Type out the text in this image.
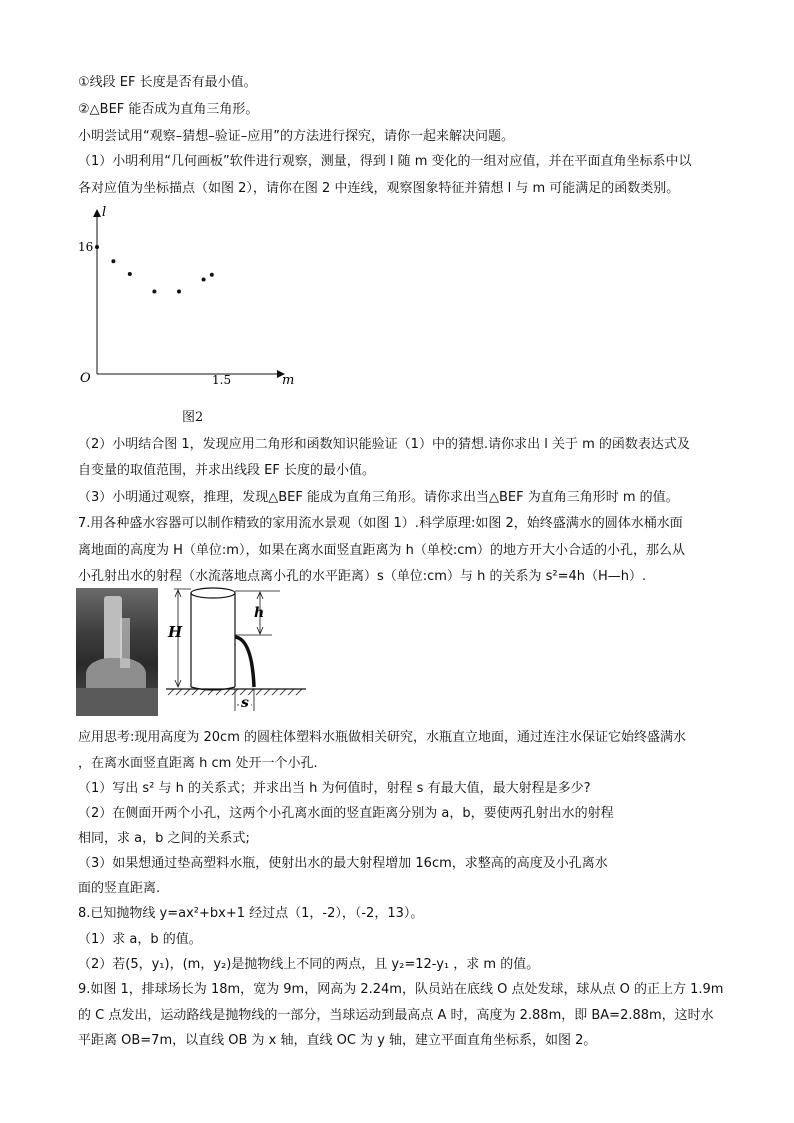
①线段 EF 长度是否有最小值。
②△BEF 能否成为直角三角形。
小明尝试用“观察–猜想–验证–应用”的方法进行探究，请你一起来解决问题。
（1）小明利用“几何画板”软件进行观察，测量，得到 l 随 m 变化的一组对应值，并在平面直角坐标系中以
各对应值为坐标描点（如图 2），请你在图 2 中连线，观察图象特征并猜想 l 与 m 可能满足的函数类别。
l
m
O
16
1.5
图2
（2）小明结合图 1，发现应用二角形和函数知识能验证（1）中的猜想.请你求出 l 关于 m 的函数表达式及
自变量的取值范围，并求出线段 EF 长度的最小值。
（3）小明通过观察，推理，发现△BEF 能成为直角三角形。请你求出当△BEF 为直角三角形时 m 的值。
7.用各种盛水容器可以制作精致的家用流水景观（如图 1）.科学原理:如图 2，始终盛满水的圆体水桶水面
离地面的高度为 H（单位:m），如果在离水面竖直距离为 h（单校:cm）的地方开大小合适的小孔，那么从
小孔射出水的射程（水流落地点离小孔的水平距离）s（单位:cm）与 h 的关系为 s²=4h（H—h）.
H
h
s
应用思考:现用高度为 20cm 的圆柱体塑料水瓶做相关研究，水瓶直立地面，通过连注水保证它始终盛满水
，在离水面竖直距离 h cm 处开一个小孔.
（1）写出 s² 与 h 的关系式；并求出当 h 为何值时，射程 s 有最大值，最大射程是多少?
（2）在侧面开两个小孔，这两个小孔离水面的竖直距离分别为 a，b，要使两孔射出水的射程
相同，求 a，b 之间的关系式;
（3）如果想通过垫高塑料水瓶，使射出水的最大射程增加 16cm，求整高的高度及小孔离水
面的竖直距离.
8.已知抛物线 y=ax²+bx+1 经过点（1，-2），（-2，13）。
（1）求 a，b 的值。
（2）若(5，y₁)，(m，y₂)是抛物线上不同的两点，且 y₂=12-y₁ ，求 m 的值。
9.如图 1，排球场长为 18m，宽为 9m，网高为 2.24m，队员站在底线 O 点处发球，球从点 O 的正上方 1.9m
的 C 点发出，运动路线是抛物线的一部分，当球运动到最高点 A 时，高度为 2.88m，即 BA=2.88m，这时水
平距离 OB=7m，以直线 OB 为 x 轴，直线 OC 为 y 轴，建立平面直角坐标系，如图 2。
